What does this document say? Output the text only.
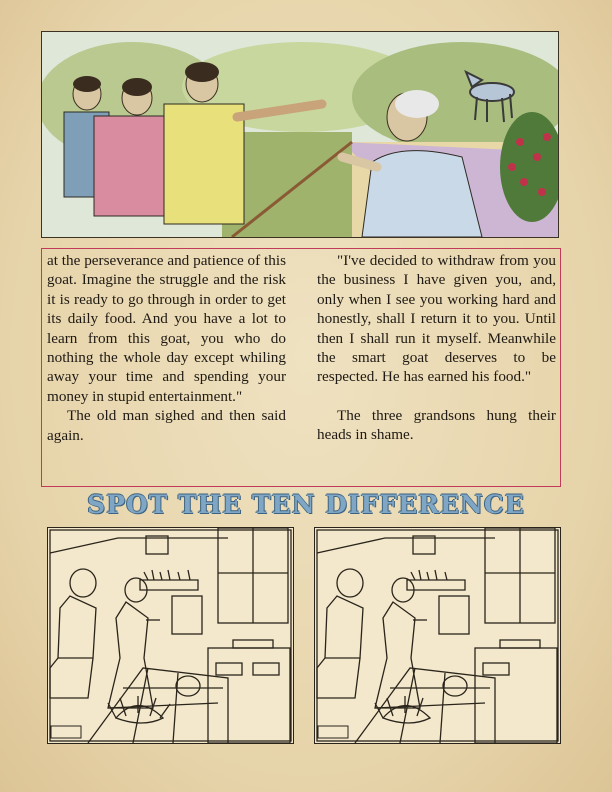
at the perseverance and patience of this goat. Imagine the struggle and the risk it is ready to go through in order to get its daily food. And you have a lot to learn from this goat, you who do nothing the whole day except whiling away your time and spending your money in stupid entertainment."

The old man sighed and then said again.

"I've decided to withdraw from you the business I have given you, and, only when I see you working hard and honestly, shall I return it to you. Until then I shall run it myself. Meanwhile the smart goat deserves to be respected. He has earned his food."

The three grandsons hung their heads in shame.

SPOT THE TEN DIFFERENCE
